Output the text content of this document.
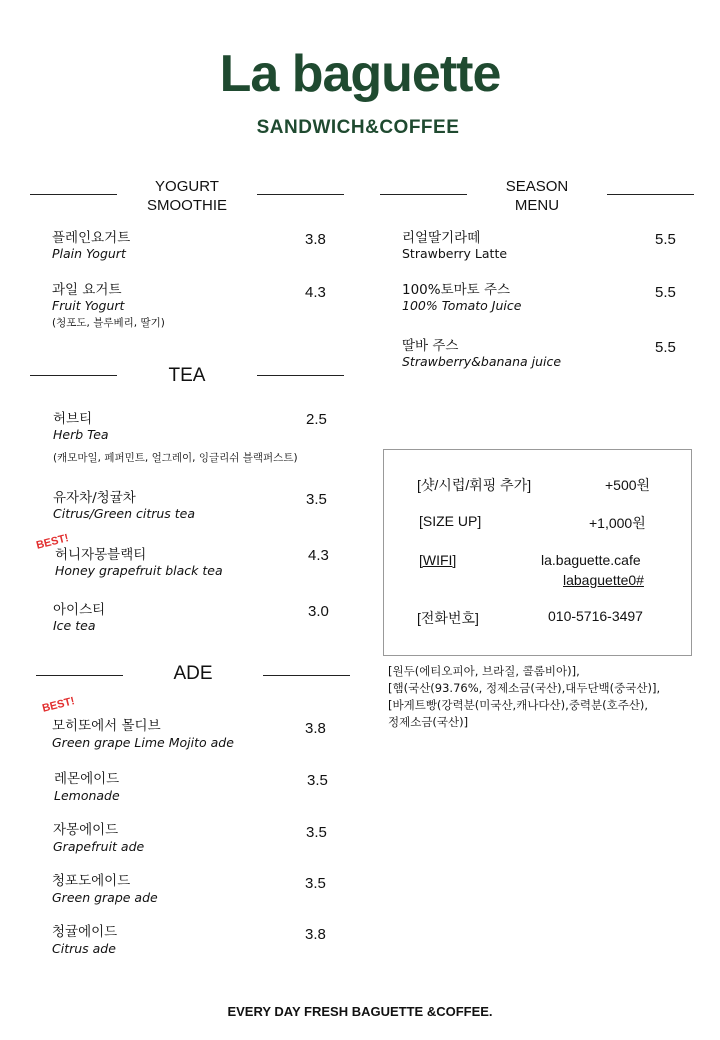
La baguette
SANDWICH&COFFEE
YOGURT
SMOOTHIE
플레인요거트
Plain Yogurt
3.8
과일 요거트
Fruit Yogurt
(청포도, 블루베리, 딸기)
4.3
SEASON
MENU
리얼딸기라떼
Strawberry Latte
5.5
100%토마토 주스
100% Tomato Juice
5.5
딸바 주스
Strawberry&banana juice
5.5
TEA
허브티
Herb Tea
(캐모마일, 페퍼민트, 얼그레이, 잉글리쉬 블랙퍼스트)
2.5
유자차/청귤차
Citrus/Green citrus tea
3.5
BEST!
허니자몽블랙티
Honey grapefruit black tea
4.3
아이스티
Ice tea
3.0
ADE
BEST!
모히또에서 몰디브
Green grape Lime Mojito ade
3.8
레몬에이드
Lemonade
3.5
자몽에이드
Grapefruit ade
3.5
청포도에이드
Green grape ade
3.5
청귤에이드
Citrus ade
3.8
[샷/시럽/휘핑 추가]	+500원
[SIZE UP]	+1,000원
[WIFI]	la.baguette.cafe
labaguette0#
[전화번호]	010-5716-3497
[원두(에티오피아, 브라질, 콜롬비아)],
[햄(국산(93.76%, 정제소금(국산),대두단백(중국산)],
[바게트빵(강력분(미국산,캐나다산),중력분(호주산),
정제소금(국산)]
EVERY DAY FRESH BAGUETTE &COFFEE.
